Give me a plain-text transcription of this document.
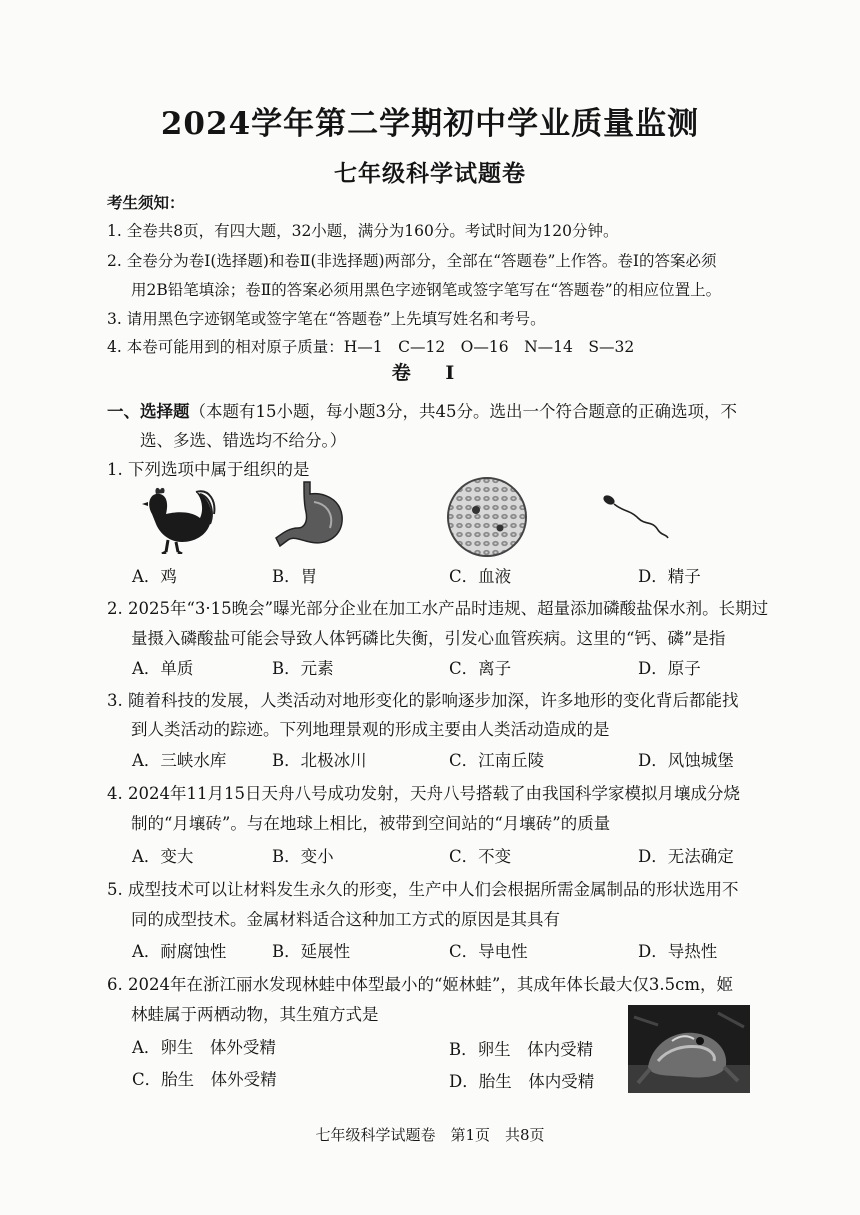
2024学年第二学期初中学业质量监测
七年级科学试题卷
考生须知：
1. 全卷共8页，有四大题，32小题，满分为160分。考试时间为120分钟。
2. 全卷分为卷Ⅰ(选择题)和卷Ⅱ(非选择题)两部分，全部在“答题卷”上作答。卷Ⅰ的答案必须
用2B铅笔填涂；卷Ⅱ的答案必须用黑色字迹钢笔或签字笔写在“答题卷”的相应位置上。
3. 请用黑色字迹钢笔或签字笔在“答题卷”上先填写姓名和考号。
4. 本卷可能用到的相对原子质量：H—1　C—12　O—16　N—14　S—32
卷 Ⅰ
一、选择题（本题有15小题，每小题3分，共45分。选出一个符合题意的正确选项，不
选、多选、错选均不给分。）
1. 下列选项中属于组织的是
A．鸡	B．胃	C．血液	D．精子
2. 2025年“3·15晚会”曝光部分企业在加工水产品时违规、超量添加磷酸盐保水剂。长期过
量摄入磷酸盐可能会导致人体钙磷比失衡，引发心血管疾病。这里的“钙、磷”是指
A．单质	B．元素	C．离子	D．原子
3. 随着科技的发展，人类活动对地形变化的影响逐步加深，许多地形的变化背后都能找
到人类活动的踪迹。下列地理景观的形成主要由人类活动造成的是
A．三峡水库	B．北极冰川	C．江南丘陵	D．风蚀城堡
4. 2024年11月15日天舟八号成功发射，天舟八号搭载了由我国科学家模拟月壤成分烧
制的“月壤砖”。与在地球上相比，被带到空间站的“月壤砖”的质量
A．变大	B．变小	C．不变	D．无法确定
5. 成型技术可以让材料发生永久的形变，生产中人们会根据所需金属制品的形状选用不
同的成型技术。金属材料适合这种加工方式的原因是其具有
A．耐腐蚀性	B．延展性	C．导电性	D．导热性
6. 2024年在浙江丽水发现林蛙中体型最小的“姬林蛙”，其成年体长最大仅3.5cm，姬
林蛙属于两栖动物，其生殖方式是
A．卵生　体外受精	B．卵生　体内受精
C．胎生　体外受精	D．胎生　体内受精
七年级科学试题卷　第1页　共8页
